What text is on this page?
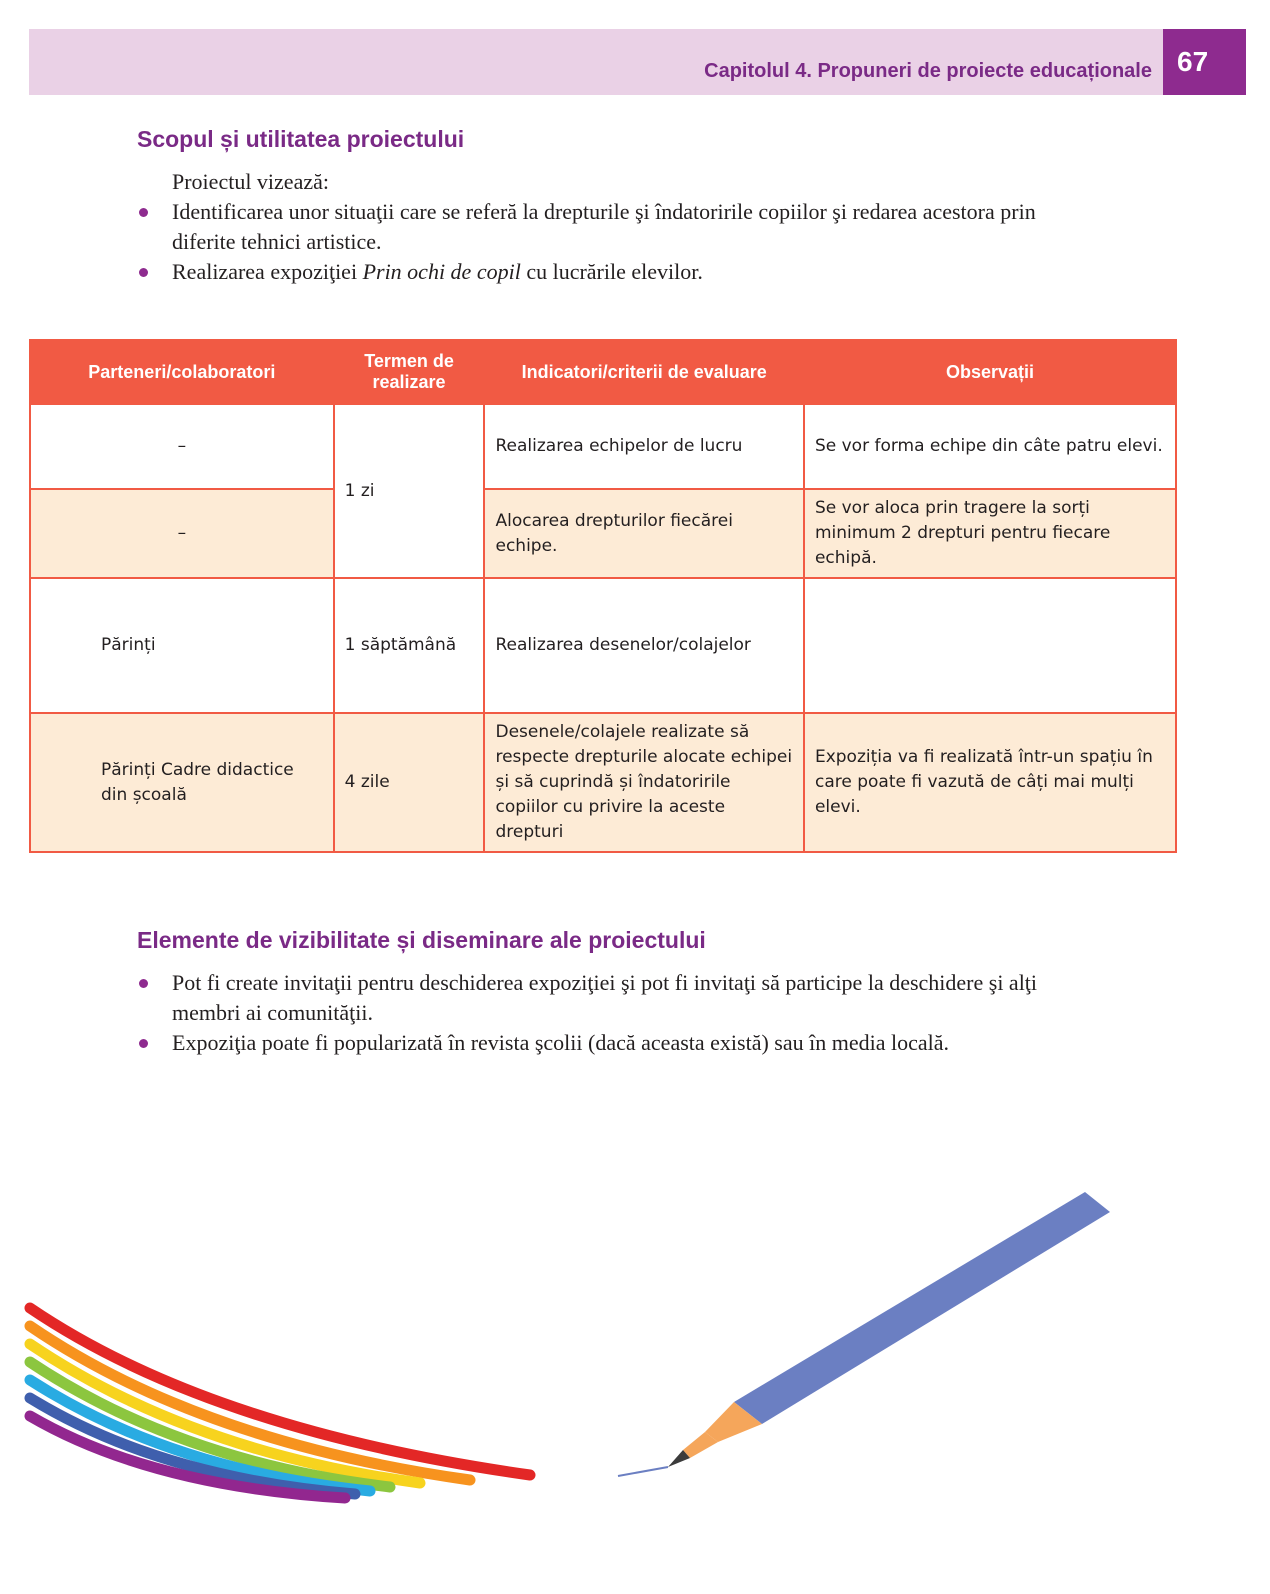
Capitolul 4. Propuneri de proiecte educaționale 67
Scopul și utilitatea proiectului
Proiectul vizează:
Identificarea unor situaţii care se referă la drepturile şi îndatoririle copiilor şi redarea acestora prin diferite tehnici artistice.
Realizarea expoziţiei Prin ochi de copil cu lucrările elevilor.
Parteneri/colaboratori	Termen de realizare	Indicatori/criterii de evaluare	Observații
–	1 zi	Realizarea echipelor de lucru	Se vor forma echipe din câte patru elevi.
–		Alocarea drepturilor fiecărei echipe.	Se vor aloca prin tragere la sorți minimum 2 drepturi pentru fiecare echipă.
Părinți	1 săptămână	Realizarea desenelor/colajelor	
Părinți Cadre didactice din școală	4 zile	Desenele/colajele realizate să respecte drepturile alocate echipei și să cuprindă și îndatoririle copiilor cu privire la aceste drepturi	Expoziția va fi realizată într-un spațiu în care poate fi vazută de câți mai mulți elevi.
Elemente de vizibilitate și diseminare ale proiectului
Pot fi create invitaţii pentru deschiderea expoziţiei şi pot fi invitaţi să participe la deschidere şi alţi membri ai comunităţii.
Expoziţia poate fi popularizată în revista şcolii (dacă aceasta există) sau în media locală.
